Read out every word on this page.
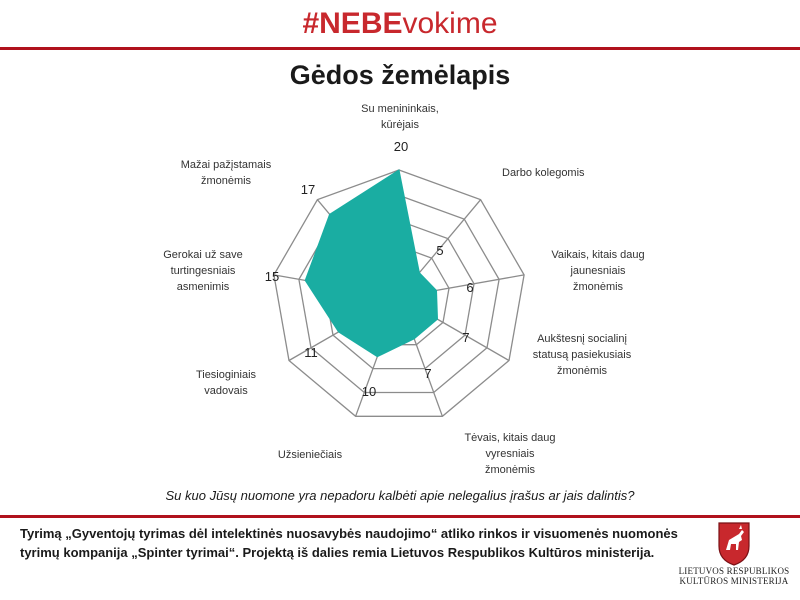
#NEBEvokime
Gėdos žemėlapis
Su menininkais,
kūrėjais
Darbo kolegomis
Vaikais, kitais daug
jaunesniais
žmonėmis
Aukštesnį socialinį
statusą pasiekusiais
žmonėmis
Tėvais, kitais daug
vyresniais
žmonėmis
Užsieniečiais
Tiesioginiais
vadovais
Gerokai už save
turtingesniais
asmenimis
Mažai pažįstamais
žmonėmis
20
5
6
7
7
10
11
15
17
Su kuo Jūsų nuomone yra nepadoru kalbėti apie nelegalius įrašus ar jais dalintis?
Tyrimą „Gyventojų tyrimas dėl intelektinės nuosavybės naudojimo“ atliko rinkos ir visuomenės nuomonės
tyrimų kompanija „Spinter tyrimai“. Projektą iš dalies remia Lietuvos Respublikos Kultūros ministerija.
LIETUVOS RESPUBLIKOS
KULTŪROS MINISTERIJA
